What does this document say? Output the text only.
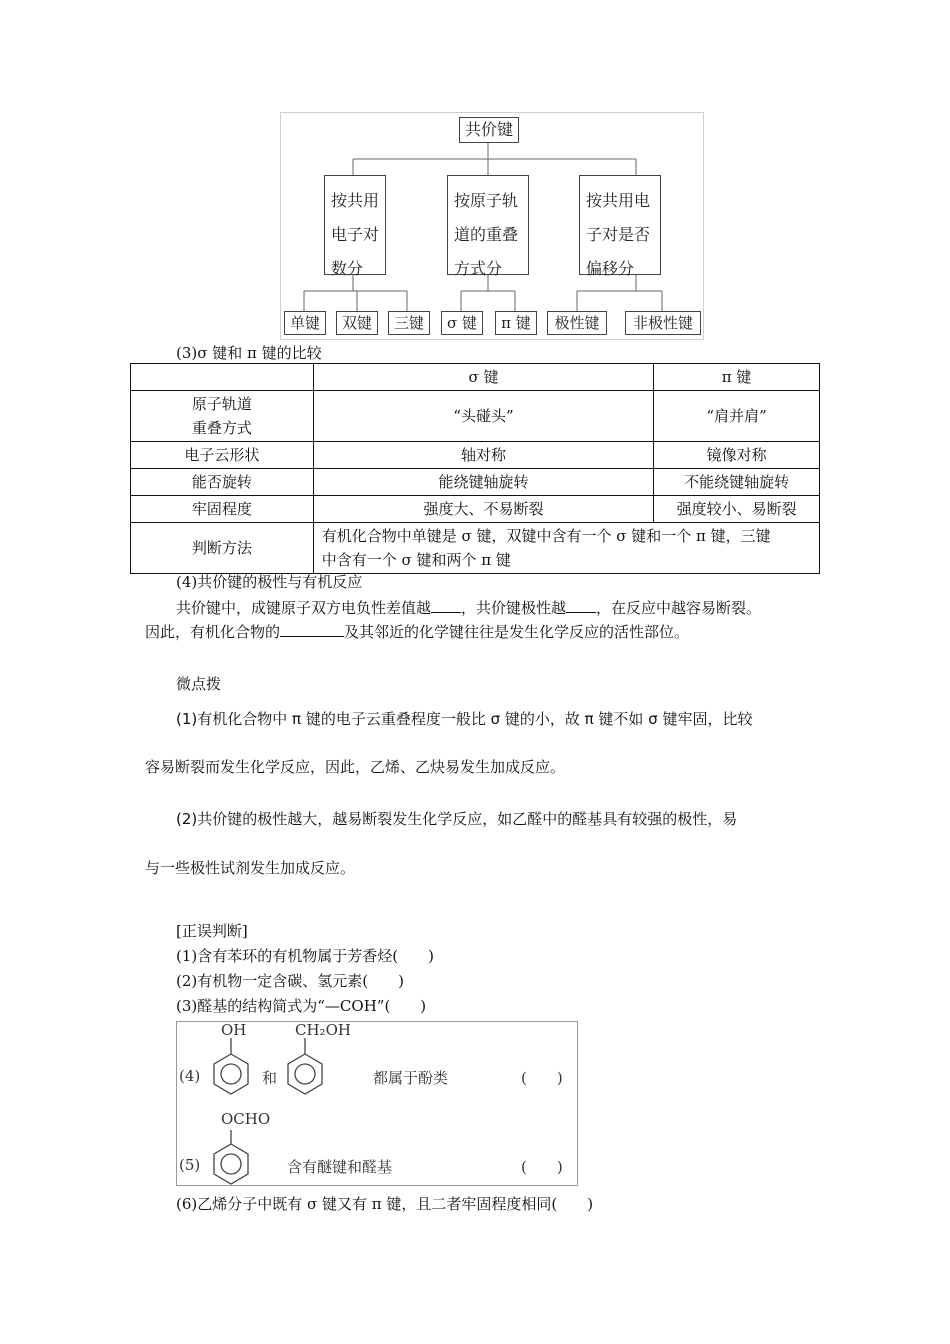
共价键
按共用
电子对
数分
按原子轨
道的重叠
方式分
按共用电
子对是否
偏移分
单键	双键	三键	σ 键	π 键	极性键	非极性键
(3)σ 键和 π 键的比较
	σ 键	π 键
原子轨道
重叠方式	“头碰头”	“肩并肩”
电子云形状	轴对称	镜像对称
能否旋转	能绕键轴旋转	不能绕键轴旋转
牢固程度	强度大、不易断裂	强度较小、易断裂
判断方法	有机化合物中单键是 σ 键，双键中含有一个 σ 键和一个 π 键，三键
中含有一个 σ 键和两个 π 键	
(4)共价键的极性与有机反应
共价键中，成键原子双方电负性差值越 ，共价键极性越 ，在反应中越容易断裂。
因此，有机化合物的	及其邻近的化学键往往是发生化学反应的活性部位。
微点拨
(1)有机化合物中 π 键的电子云重叠程度一般比 σ 键的小，故 π 键不如 σ 键牢固，比较
容易断裂而发生化学反应，因此，乙烯、乙炔易发生加成反应。
(2)共价键的极性越大，越易断裂发生化学反应，如乙醛中的醛基具有较强的极性，易
与一些极性试剂发生加成反应。
[正误判断]
(1)含有苯环的有机物属于芳香烃(　　)
(2)有机物一定含碳、氢元素(　　)
(3)醛基的结构简式为“—COH”(　　)
OH	CH₂OH
(4)	和	都属于酚类	(　　)
OCHO
(5)	含有醚键和醛基	(　　)
(6)乙烯分子中既有 σ 键又有 π 键，且二者牢固程度相同(　　)
